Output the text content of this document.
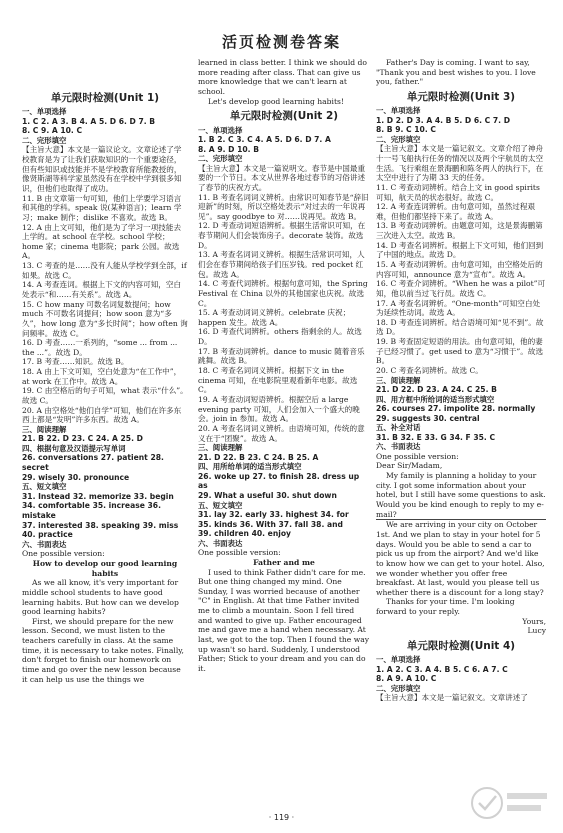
活页检测卷答案

单元限时检测(Unit 1)

一、单项选择

1. C 2. A 3. B 4. A 5. D 6. D 7. B

8. C 9. A 10. C

二、完形填空

【主旨大意】本文是一篇议论文。文章论述了学校教育是为了让我们获取知识的一个重要途径，但有些知识或技能并不是学校教育所能教授的，像贤斯湖等科学家虽然没有在学校中学到很多知识，但他们也取得了成功。

11. B 由文章第一句可知，他们上学要学习语言和其他的学科。speak 说(某种语言)；learn 学习；make 制作；dislike 不喜欢。故选 B。

12. A 由上文可知，他们是为了学习一项技能去上学的。at school 在学校。school 学校；home 家；cinema 电影院；park 公园。故选 A。

13. C 考查的是……没有人能从学校学到全部，if 如果。故选 C。

14. A 考查连词。根据上下文的内容可知，空白处表示“和……有关系”。故选 A。

15. C how many 可数名词复数提问；how much 不可数名词提问；how soon 意为“多久”，how long 意为“多长时间”；how often 询问频率。故选 C。

16. D 考查……一系列的，“some ... from ... the ...”。故选 D。

17. B 考查……知识。故选 B。

18. A 由上下文可知，空白处意为“在工作中”，at work 在工作中。故选 A。

19. C 由空格后的句子可知，what 表示“什么”。故选 C。

20. A 由空格处“他们自学”可知，他们在许多东西上都是“发明”许多东西。故选 A。

三、阅读理解

21. B 22. D 23. C 24. A 25. D

四、根据句意及汉语提示写单词

26. conversations 27. patient 28. secret

29. wisely 30. pronounce

五、短文填空

31. Instead 32. memorize 33. begin

34. comfortable 35. increase 36. mistake

37. interested 38. speaking 39. miss

40. practice

六、书面表达

One possible version:

How to develop our good learning habits

As we all know, it's very important for middle school students to have good learning habits. But how can we develop good learning habits?

First, we should prepare for the new lesson. Second, we must listen to the teachers carefully in class. At the same time, it is necessary to take notes. Finally, don't forget to finish our homework on time and go over the new lesson because it can help us use the things we

learned in class better. I think we should do more reading after class. That can give us more knowledge that we can't learn at school.

Let's develop good learning habits!

单元限时检测(Unit 2)

一、单项选择

1. B 2. C 3. C 4. A 5. D 6. D 7. A

8. A 9. D 10. B

二、完形填空

【主旨大意】本文是一篇说明文。春节是中国最重要的一个节日。本文从世界各地过春节的习俗讲述了春节的庆祝方式。

11. B 考查名词词义辨析。由常识可知春节是“辞旧迎新”的时刻，所以空格处表示“对过去的一年说再见”。say goodbye to 对……说再见。故选 B。

12. D 考查动词短语辨析。根据生活常识可知，在春节期间人们会装饰房子。decorate 装饰。故选 D。

13. A 考查名词词义辨析。根据生活常识可知，人们会在春节期间给孩子们压岁钱。red pocket 红包。故选 A。

14. C 考查代词辨析。根据句意可知，the Spring Festival 在 China 以外的其他国家也庆祝。故选 C。

15. A 考查动词词义辨析。celebrate 庆祝；happen 发生。故选 A。

16. D 考查代词辨析。others 指剩余的人。故选 D。

17. B 考查动词辨析。dance to music 随着音乐跳舞。故选 B。

18. C 考查名词词义辨析。根据下文 in the cinema 可知，在电影院里观看新年电影。故选 C。

19. A 考查动词短语辨析。根据空后 a large evening party 可知，人们会加入一个盛大的晚会。join in 参加。故选 A。

20. A 考查名词词义辨析。由语境可知，传统的意义在于“团聚”。故选 A。

三、阅读理解

21. D 22. B 23. C 24. B 25. A

四、用所给单词的适当形式填空

26. woke up 27. to finish 28. dress up as

29. What a useful 30. shut down

五、短文填空

31. lay 32. early 33. highest 34. for

35. kinds 36. With 37. fall 38. and

39. children 40. enjoy

六、书面表达

One possible version:

Father and me

I used to think Father didn't care for me. But one thing changed my mind. One Sunday, I was worried because of another "C" in English. At that time Father invited me to climb a mountain. Soon I fell tired and wanted to give up. Father encouraged me and gave me a hand when necessary. At last, we got to the top. Then I found the way up wasn't so hard. Suddenly, I understood Father; Stick to your dream and you can do it.

Father's Day is coming. I want to say, "Thank you and best wishes to you. I love you, father."

单元限时检测(Unit 3)

一、单项选择

1. D 2. D 3. A 4. B 5. D 6. C 7. D

8. B 9. C 10. C

二、完形填空

【主旨大意】本文是一篇记叙文。文章介绍了神舟十一号飞船执行任务的情况以及两个宇航员的太空生活。飞行乘组在景海鹏和陈冬两人的执行下，在太空中进行了为期 33 天的任务。

11. C 考查动词辨析。结合上文 in good spirits 可知，航天员的状态很好。故选 C。

12. A 考查连词辨析。由句意可知，虽然过程艰难，但他们都坚持下来了。故选 A。

13. B 考查动词辨析。由题意可知，这是景海鹏第三次进入太空。故选 B。

14. D 考查名词辨析。根据上下文可知，他们回到了中国的地点。故选 D。

15. A 考查动词辨析。由句意可知，由空格处后的内容可知，announce 意为“宣布”。故选 A。

16. C 考查介词辨析。“When he was a pilot”可知，他以前当过飞行员。故选 C。

17. A 考查名词辨析。“One-month”可知空白处为延续性动词。故选 A。

18. D 考查连词辨析。结合语境可知“见不到”。故选 D。

19. B 考查固定短语的用法。由句意可知，他的妻子已经习惯了。get used to 意为“习惯于”。故选 B。

20. C 考查名词辨析。故选 C。

三、阅读理解

21. D 22. D 23. A 24. C 25. B

四、用方框中所给词的适当形式填空

26. courses 27. impolite 28. normally

29. suggests 30. central

五、补全对话

31. B 32. E 33. G 34. F 35. C

六、书面表达

One possible version:

Dear Sir/Madam,

My family is planning a holiday to your city. I got some information about your hotel, but I still have some questions to ask. Would you be kind enough to reply to my e-mail?

We are arriving in your city on October 1st. And we plan to stay in your hotel for 5 days. Would you be able to send a car to pick us up from the airport? And we'd like to know how we can get to your hotel. Also, we wonder whether you offer free breakfast. At last, would you please tell us whether there is a discount for a long stay?

Thanks for your time. I'm looking forward to your reply.

Yours,

Lucy

单元限时检测(Unit 4)

一、单项选择

1. A 2. C 3. A 4. B 5. C 6. A 7. C

8. A 9. A 10. C

二、完形填空

【主旨大意】本文是一篇记叙文。文章讲述了

· 119 ·
